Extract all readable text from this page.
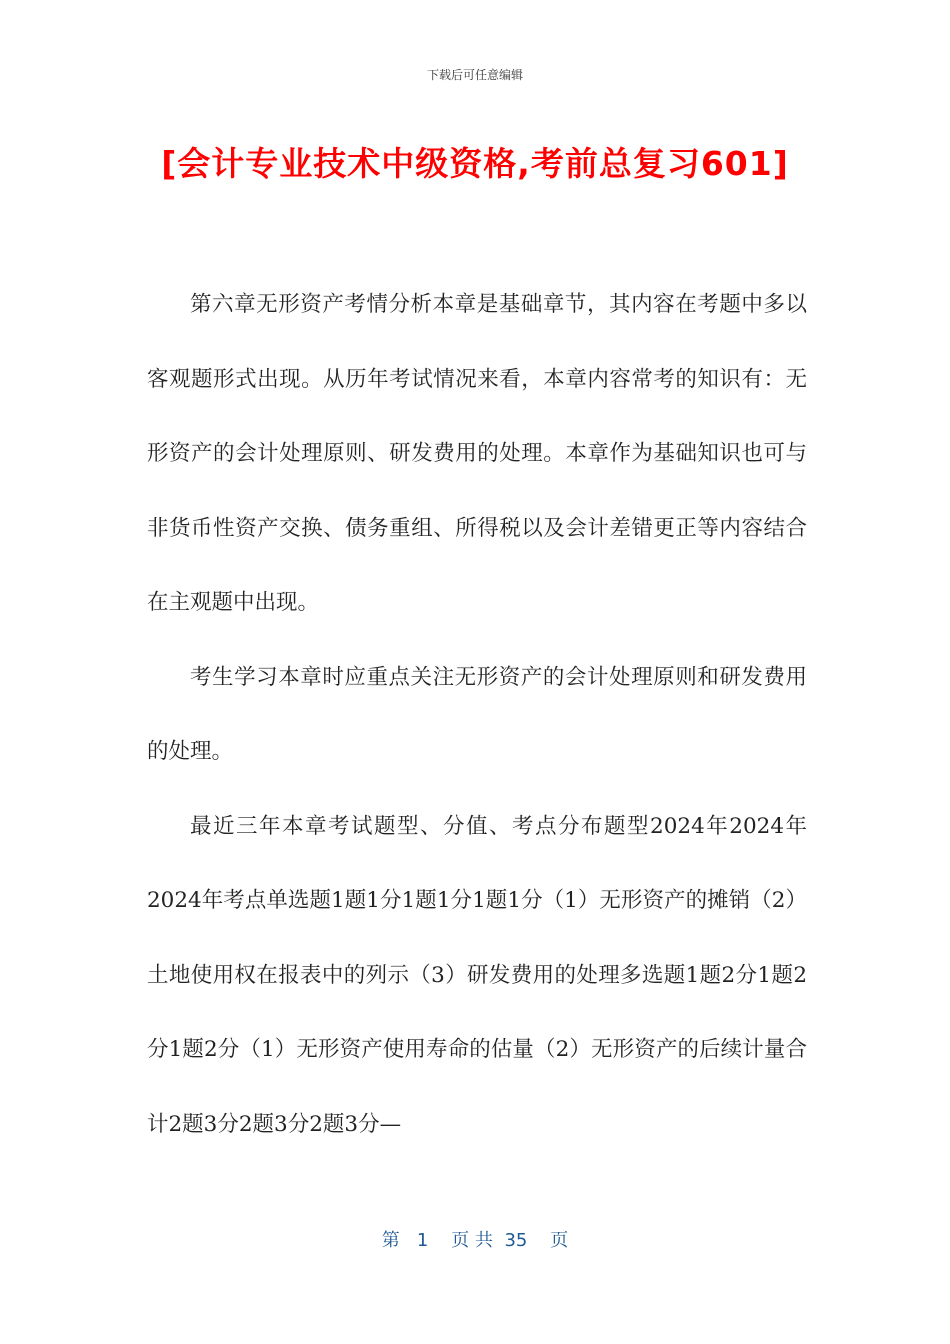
下载后可任意编辑
[会计专业技术中级资格,考前总复习601]

第六章无形资产考情分析本章是基础章节，其内容在考题中多以客观题形式出现。从历年考试情况来看，本章内容常考的知识有：无形资产的会计处理原则、研发费用的处理。本章作为基础知识也可与非货币性资产交换、债务重组、所得税以及会计差错更正等内容结合在主观题中出现。

考生学习本章时应重点关注无形资产的会计处理原则和研发费用的处理。

最近三年本章考试题型、分值、考点分布题型2024年2024年2024年考点单选题1题1分1题1分1题1分（1）无形资产的摊销（2）土地使用权在报表中的列示（3）研发费用的处理多选题1题2分1题2分1题2分（1）无形资产使用寿命的估量（2）无形资产的后续计量合计2题3分2题3分2题3分—

第 1 页 共 35 页
